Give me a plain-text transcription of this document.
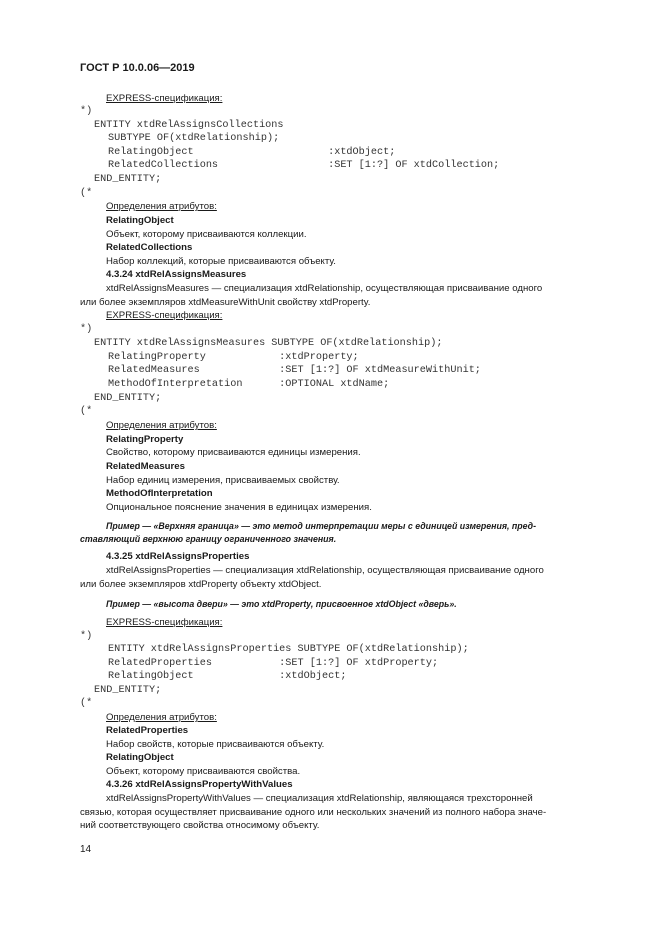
ГОСТ Р 10.0.06—2019
EXPRESS-спецификация:
*)
ENTITY xtdRelAssignsCollections
SUBTYPE OF(xtdRelationship);
RelatingObject                      :xtdObject;
RelatedCollections                  :SET [1:?] OF xtdCollection;
END_ENTITY;
(*
Определения атрибутов:
RelatingObject
Объект, которому присваиваются коллекции.
RelatedCollections
Набор коллекций, которые присваиваются объекту.
4.3.24 xtdRelAssignsMeasures
xtdRelAssignsMeasures — специализация xtdRelationship, осуществляющая присваивание одного
или более экземпляров xtdMeasureWithUnit свойству xtdProperty.
EXPRESS-спецификация:
*)
ENTITY xtdRelAssignsMeasures SUBTYPE OF(xtdRelationship);
RelatingProperty            :xtdProperty;
RelatedMeasures             :SET [1:?] OF xtdMeasureWithUnit;
MethodOfInterpretation      :OPTIONAL xtdName;
END_ENTITY;
(*
Определения атрибутов:
RelatingProperty
Свойство, которому присваиваются единицы измерения.
RelatedMeasures
Набор единиц измерения, присваиваемых свойству.
MethodOfInterpretation
Опциональное пояснение значения в единицах измерения.
Пример — «Верхняя граница» — это метод интерпретации меры с единицей измерения, пред-
ставляющий верхнюю границу ограниченного значения.
4.3.25 xtdRelAssignsProperties
xtdRelAssignsProperties — специализация xtdRelationship, осуществляющая присваивание одного
или более экземпляров xtdProperty объекту xtdObject.
Пример — «высота двери» — это xtdProperty, присвоенное xtdObject «дверь».
EXPRESS-спецификация:
*)
ENTITY xtdRelAssignsProperties SUBTYPE OF(xtdRelationship);
RelatedProperties           :SET [1:?] OF xtdProperty;
RelatingObject              :xtdObject;
END_ENTITY;
(*
Определения атрибутов:
RelatedProperties
Набор свойств, которые присваиваются объекту.
RelatingObject
Объект, которому присваиваются свойства.
4.3.26 xtdRelAssignsPropertyWithValues
xtdRelAssignsPropertyWithValues — специализация xtdRelationship, являющаяся трехсторонней
связью, которая осуществляет присваивание одного или нескольких значений из полного набора значе-
ний соответствующего свойства относимому объекту.
14
